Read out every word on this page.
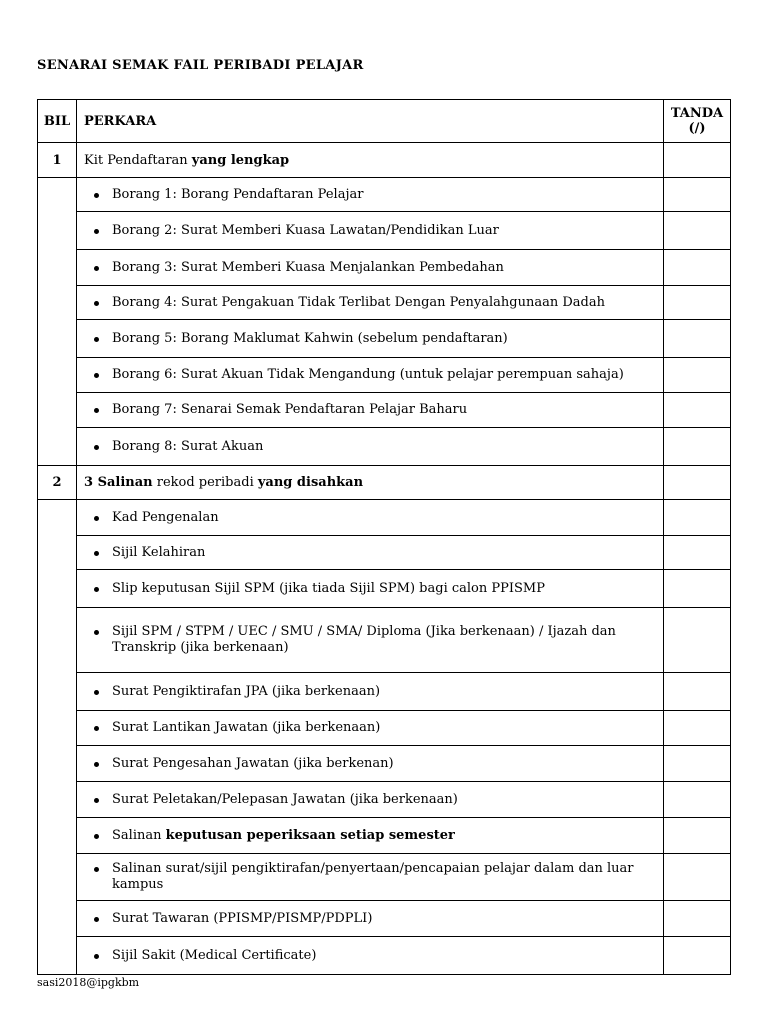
SENARAI SEMAK FAIL PERIBADI PELAJAR
BIL	PERKARA	TANDA
(/)
1	Kit Pendaftaran yang lengkap	

	Borang 1: Borang Pendaftaran Pelajar	

	Borang 2: Surat Memberi Kuasa Lawatan/Pendidikan Luar	

	Borang 3: Surat Memberi Kuasa Menjalankan Pembedahan	

	Borang 4: Surat Pengakuan Tidak Terlibat Dengan Penyalahgunaan Dadah	

	Borang 5: Borang Maklumat Kahwin (sebelum pendaftaran)	

	Borang 6: Surat Akuan Tidak Mengandung (untuk pelajar perempuan sahaja)	

	Borang 7: Senarai Semak Pendaftaran Pelajar Baharu	

	Borang 8: Surat Akuan	

2	3 Salinan rekod peribadi yang disahkan	

	Kad Pengenalan	

	Sijil Kelahiran	

	Slip keputusan Sijil SPM (jika tiada Sijil SPM) bagi calon PPISMP	

	Sijil SPM / STPM / UEC / SMU / SMA/ Diploma (Jika berkenaan) / Ijazah dan Transkrip (jika berkenaan)	

	Surat Pengiktirafan JPA (jika berkenaan)	

	Surat Lantikan Jawatan (jika berkenaan)	

	Surat Pengesahan Jawatan (jika berkenan)	

	Surat Peletakan/Pelepasan Jawatan (jika berkenaan)	

	Salinan keputusan peperiksaan setiap semester	

	Salinan surat/sijil pengiktirafan/penyertaan/pencapaian pelajar dalam dan luar kampus	

	Surat Tawaran (PPISMP/PISMP/PDPLI)	

	Sijil Sakit (Medical Certificate)	

sasi2018@ipgkbm
